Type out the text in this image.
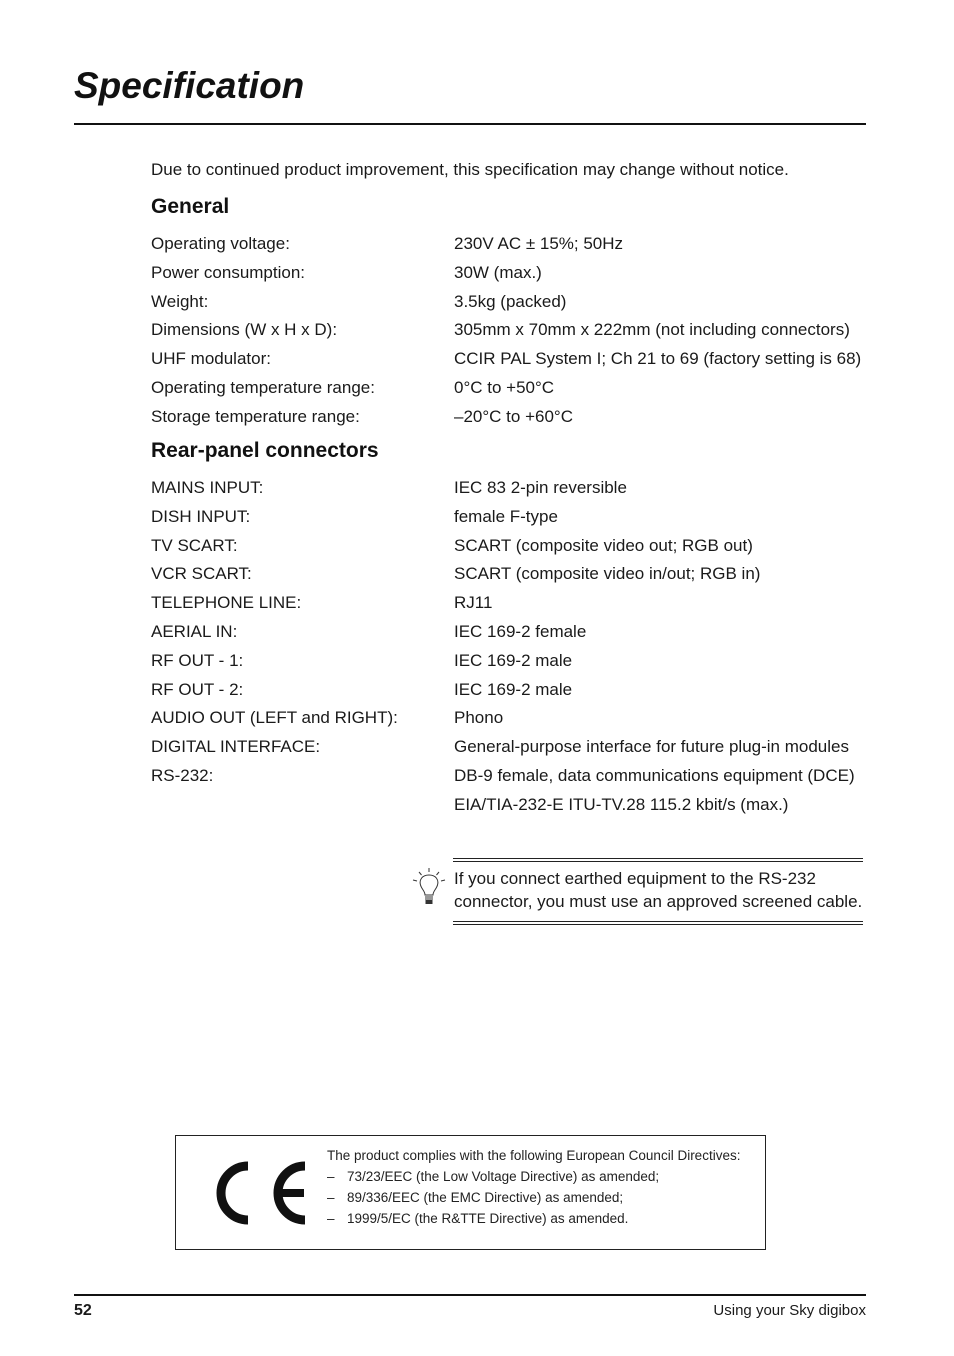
Specification
Due to continued product improvement, this specification may change without notice.
General
Operating voltage:	230V AC ± 15%; 50Hz
Power consumption:	30W (max.)
Weight:	3.5kg (packed)
Dimensions (W x H x D):	305mm x 70mm x 222mm (not including connectors)
UHF modulator:	CCIR PAL System I; Ch 21 to 69 (factory setting is 68)
Operating temperature range:	0°C to +50°C
Storage temperature range:	–20°C to +60°C
Rear-panel connectors
MAINS INPUT:	IEC 83 2-pin reversible
DISH INPUT:	female F-type
TV SCART:	SCART (composite video out; RGB out)
VCR SCART:	SCART (composite video in/out; RGB in)
TELEPHONE LINE:	RJ11
AERIAL IN:	IEC 169-2 female
RF OUT - 1:	IEC 169-2 male
RF OUT - 2:	IEC 169-2 male
AUDIO OUT (LEFT and RIGHT):	Phono
DIGITAL INTERFACE:	General-purpose interface for future plug-in modules
RS-232:	DB-9 female, data communications equipment (DCE)
EIA/TIA-232-E ITU-TV.28 115.2 kbit/s (max.)
If you connect earthed equipment to the RS-232
connector, you must use an approved screened cable.
The product complies with the following European Council Directives:
– 73/23/EEC (the Low Voltage Directive) as amended;
– 89/336/EEC (the EMC Directive) as amended;
– 1999/5/EC (the R&TTE Directive) as amended.
52	Using your Sky digibox
